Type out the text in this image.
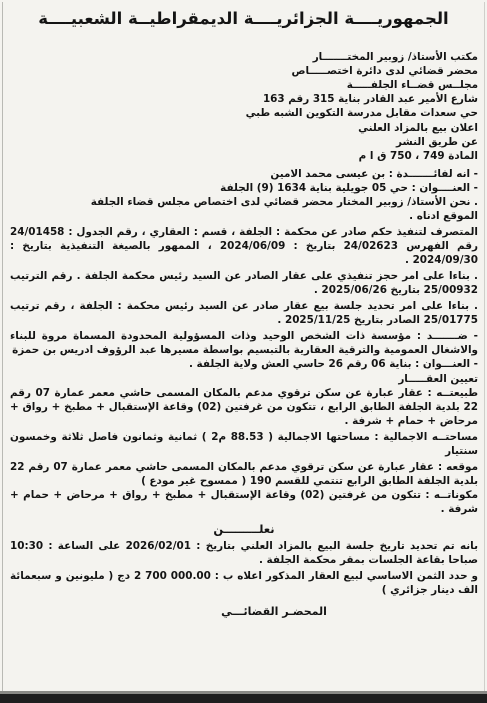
الجمهوريــــة الجزائريــــة الديمقراطيــة الشعبيــــة

مكتب الأستاذ/ زوبير المختـــــــار

محضر قضائي لدى دائرة اختصـــــاص

مجلــس قضــاء الجلفـــــة

شارع الأمير عبد القادر بناية 315 رقم 163

حي سعدات مقابل مدرسة التكوين الشبه طبي

اعلان بيع بالمزاد العلني

عن طريق النشر

المادة 749 ، 750 ق ا م

- انه لفائـــــــدة : بن عيسى محمد الامين

- العنــــوان : حي 05 جويلية بناية 1634 (9) الجلفة

. نحن الأستاذ/ زوبير المختار محضر قضائي لدى اختصاص مجلس قضاء الجلفة

الموقع ادناه .

المتصرف لتنفيذ حكم صادر عن محكمة : الجلفة ، قسم : العقاري ، رقم الجدول : 24/01458 رقم الفهرس 24/02623 بتاريخ : 2024/06/09 ، الممهور بالصيغة التنفيذية بتاريخ : 2024/09/30 .

. بناءا على امر حجز تنفيذي على عقار الصادر عن السيد رئيس محكمة الجلفة . رقم الترتيب 25/00932 بتاريخ 2025/06/26 .

. بناءا على امر تحديد جلسة بيع عقار صادر عن السيد رئيس محكمة : الجلفة ، رقم ترتيب 25/01775 الصادر بتاريخ 2025/11/25 .

- ضـــــــد : مؤسسة ذات الشخص الوحيد وذات المسؤولية المحدودة المسماة مروة للبناء والاشغال العمومية والترقية العقارية بالتبسيم بواسطة مسيرها عبد الرؤوف ادريس بن حمزة

- العنـــوان : بناية 06 رقم 26 حاسي العش ولاية الجلفة .

تعيين العقـــــار

طبيعتــه : عقار عبارة عن سكن ترقوي مدعم بالمكان المسمى حاشي معمر عمارة 07 رقم 22 بلدية الجلفة الطابق الرابع ، تتكون من غرفتين (02) وقاعة الإستقبال + مطبخ + رواق + مرحاض + حمام + شرفة .

مساحتــه الاجمالية : مساحتها الاجمالية ( 88.53 م2 ) ثمانية وثمانون فاصل ثلاثة وخمسون سنتيار

موقعه : عقار عبارة عن سكن ترقوي مدعم بالمكان المسمى حاشي معمر عمارة 07 رقم 22 بلدية الجلفة الطابق الرابع تنتمي للقسم 190 ( ممسوح غير مودع )

مكوناتــه : تتكون من غرفتين (02) وقاعة الإستقبال + مطبخ + رواق + مرحاض + حمام + شرفة .

نعلـــــــــن

بانه تم تحديد تاريخ جلسة البيع بالمزاد العلني بتاريخ : 2026/02/01 على الساعة : 10:30 صباحا بقاعة الجلسات بمقر محكمة الجلفة .

و حدد الثمن الاساسي لبيع العقار المذكور اعلاه ب : 2 700 000.00 دج ( مليونين و سبعمائة الف دينار جزائري )

المحضـر القضائـــي
